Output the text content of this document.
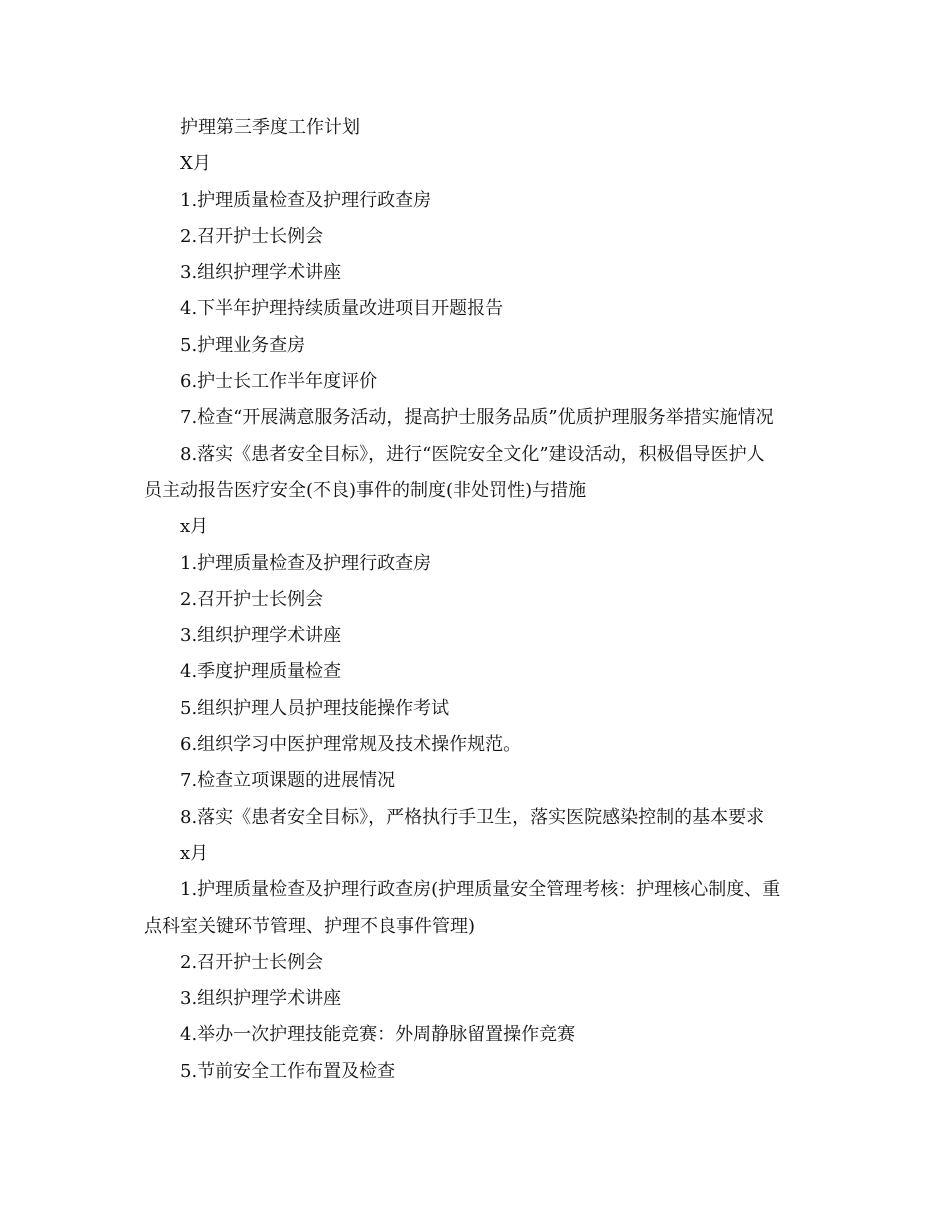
护理第三季度工作计划
X月
1.护理质量检查及护理行政查房
2.召开护士长例会
3.组织护理学术讲座
4.下半年护理持续质量改进项目开题报告
5.护理业务查房
6.护士长工作半年度评价
7.检查“开展满意服务活动，提高护士服务品质”优质护理服务举措实施情况
8.落实《患者安全目标》，进行“医院安全文化”建设活动，积极倡导医护人
员主动报告医疗安全(不良)事件的制度(非处罚性)与措施
x月
1.护理质量检查及护理行政查房
2.召开护士长例会
3.组织护理学术讲座
4.季度护理质量检查
5.组织护理人员护理技能操作考试
6.组织学习中医护理常规及技术操作规范。
7.检查立项课题的进展情况
8.落实《患者安全目标》，严格执行手卫生，落实医院感染控制的基本要求
x月
1.护理质量检查及护理行政查房(护理质量安全管理考核：护理核心制度、重
点科室关键环节管理、护理不良事件管理)
2.召开护士长例会
3.组织护理学术讲座
4.举办一次护理技能竞赛：外周静脉留置操作竞赛
5.节前安全工作布置及检查
